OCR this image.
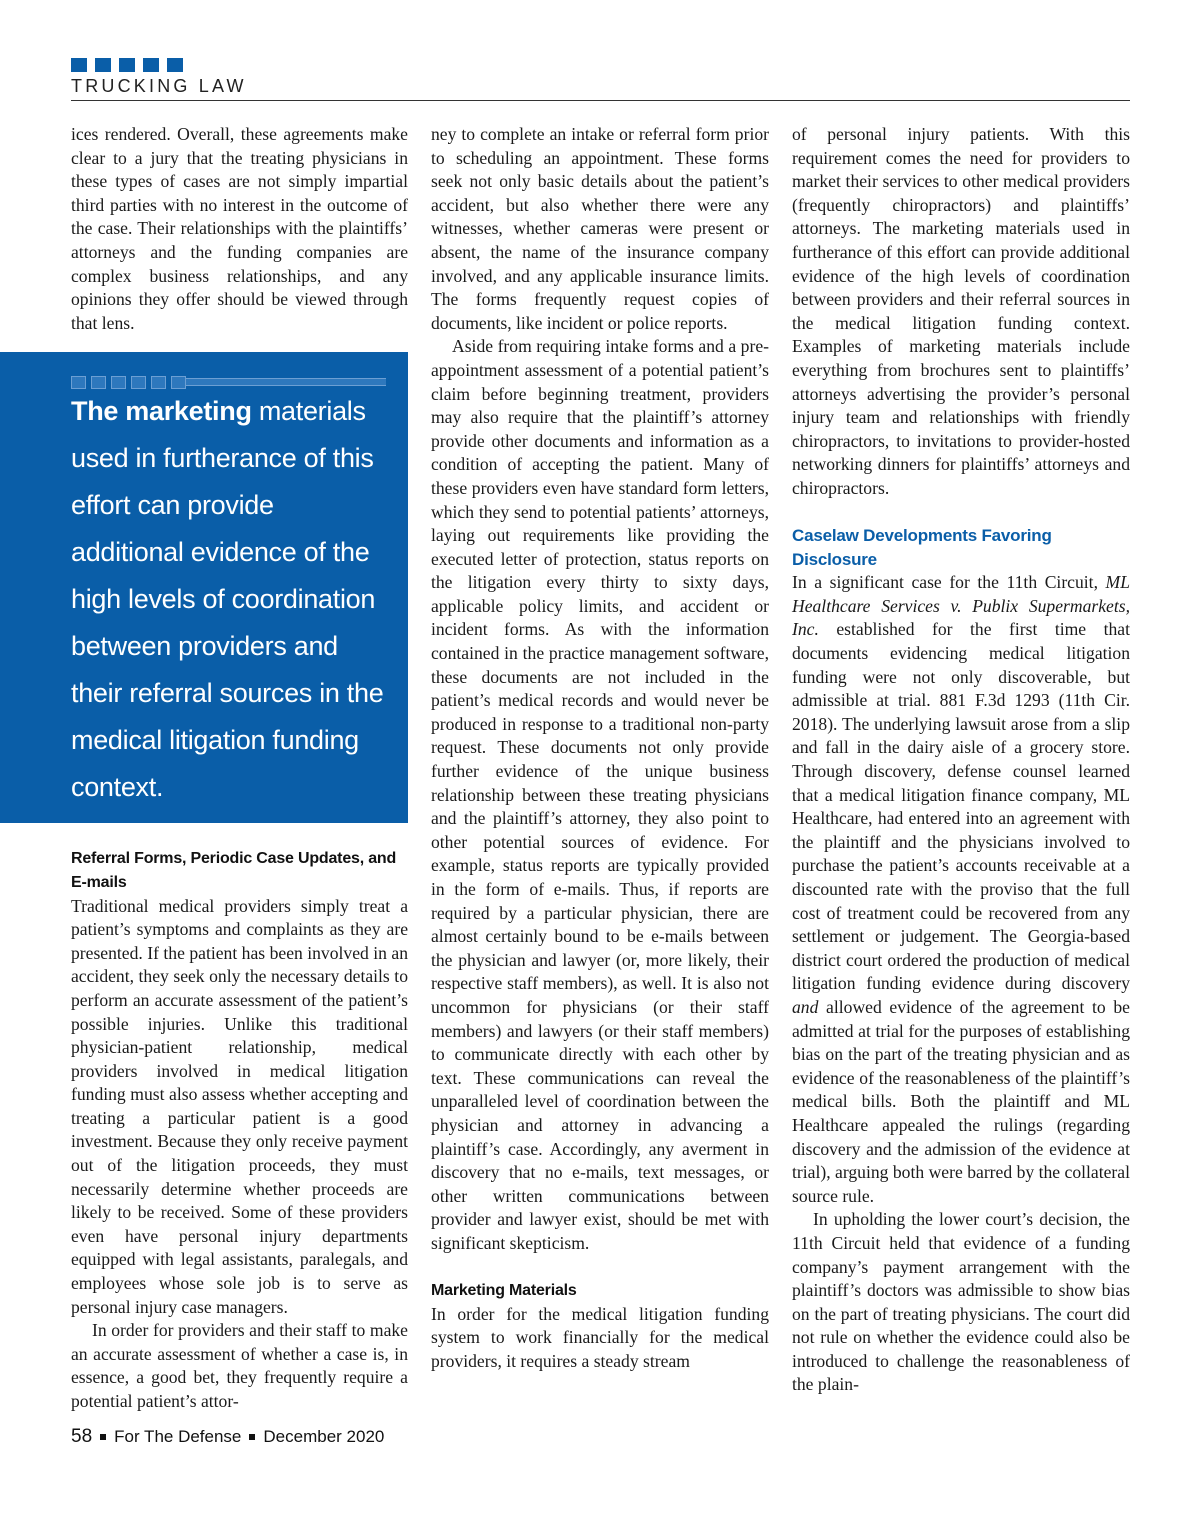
TRUCKING LAW

ices rendered. Overall, these agreements make clear to a jury that the treating physicians in these types of cases are not simply impartial third parties with no interest in the outcome of the case. Their relationships with the plaintiffs’ attorneys and the funding companies are complex business relationships, and any opinions they offer should be viewed through that lens.

Referral Forms, Periodic Case Updates, and E-mails

Traditional medical providers simply treat a patient’s symptoms and complaints as they are presented. If the patient has been involved in an accident, they seek only the necessary details to perform an accurate assessment of the patient’s possible injuries. Unlike this traditional physician-patient relationship, medical providers involved in medical litigation funding must also assess whether accepting and treating a particular patient is a good investment. Because they only receive payment out of the litigation proceeds, they must necessarily determine whether proceeds are likely to be received. Some of these providers even have personal injury departments equipped with legal assistants, paralegals, and employees whose sole job is to serve as personal injury case managers.

In order for providers and their staff to make an accurate assessment of whether a case is, in essence, a good bet, they frequently require a potential patient’s attor-

The marketing materials used in furtherance of this effort can provide additional evidence of the high levels of coordination between providers and their referral sources in the medical litigation funding context.

ney to complete an intake or referral form prior to scheduling an appointment. These forms seek not only basic details about the patient’s accident, but also whether there were any witnesses, whether cameras were present or absent, the name of the insurance company involved, and any applicable insurance limits. The forms frequently request copies of documents, like incident or police reports.

Aside from requiring intake forms and a pre-appointment assessment of a potential patient’s claim before beginning treatment, providers may also require that the plaintiff’s attorney provide other documents and information as a condition of accepting the patient. Many of these providers even have standard form letters, which they send to potential patients’ attorneys, laying out requirements like providing the executed letter of protection, status reports on the litigation every thirty to sixty days, applicable policy limits, and accident or incident forms. As with the information contained in the practice management software, these documents are not included in the patient’s medical records and would never be produced in response to a traditional non-party request. These documents not only provide further evidence of the unique business relationship between these treating physicians and the plaintiff’s attorney, they also point to other potential sources of evidence. For example, status reports are typically provided in the form of e-mails. Thus, if reports are required by a particular physician, there are almost certainly bound to be e-mails between the physician and lawyer (or, more likely, their respective staff members), as well. It is also not uncommon for physicians (or their staff members) and lawyers (or their staff members) to communicate directly with each other by text. These communications can reveal the unparalleled level of coordination between the physician and attorney in advancing a plaintiff’s case. Accordingly, any averment in discovery that no e-mails, text messages, or other written communications between provider and lawyer exist, should be met with significant skepticism.

Marketing Materials

In order for the medical litigation funding system to work financially for the medical providers, it requires a steady stream

of personal injury patients. With this requirement comes the need for providers to market their services to other medical providers (frequently chiropractors) and plaintiffs’ attorneys. The marketing materials used in furtherance of this effort can provide additional evidence of the high levels of coordination between providers and their referral sources in the medical litigation funding context. Examples of marketing materials include everything from brochures sent to plaintiffs’ attorneys advertising the provider’s personal injury team and relationships with friendly chiropractors, to invitations to provider-hosted networking dinners for plaintiffs’ attorneys and chiropractors.

Caselaw Developments Favoring Disclosure

In a significant case for the 11th Circuit, ML Healthcare Services v. Publix Supermarkets, Inc. established for the first time that documents evidencing medical litigation funding were not only discoverable, but admissible at trial. 881 F.3d 1293 (11th Cir. 2018). The underlying lawsuit arose from a slip and fall in the dairy aisle of a grocery store. Through discovery, defense counsel learned that a medical litigation finance company, ML Healthcare, had entered into an agreement with the plaintiff and the physicians involved to purchase the patient’s accounts receivable at a discounted rate with the proviso that the full cost of treatment could be recovered from any settlement or judgement. The Georgia-based district court ordered the production of medical litigation funding evidence during discovery and allowed evidence of the agreement to be admitted at trial for the purposes of establishing bias on the part of the treating physician and as evidence of the reasonableness of the plaintiff’s medical bills. Both the plaintiff and ML Healthcare appealed the rulings (regarding discovery and the admission of the evidence at trial), arguing both were barred by the collateral source rule.

In upholding the lower court’s decision, the 11th Circuit held that evidence of a funding company’s payment arrangement with the plaintiff’s doctors was admissible to show bias on the part of treating physicians. The court did not rule on whether the evidence could also be introduced to challenge the reasonableness of the plain-

58 For The Defense December 2020
